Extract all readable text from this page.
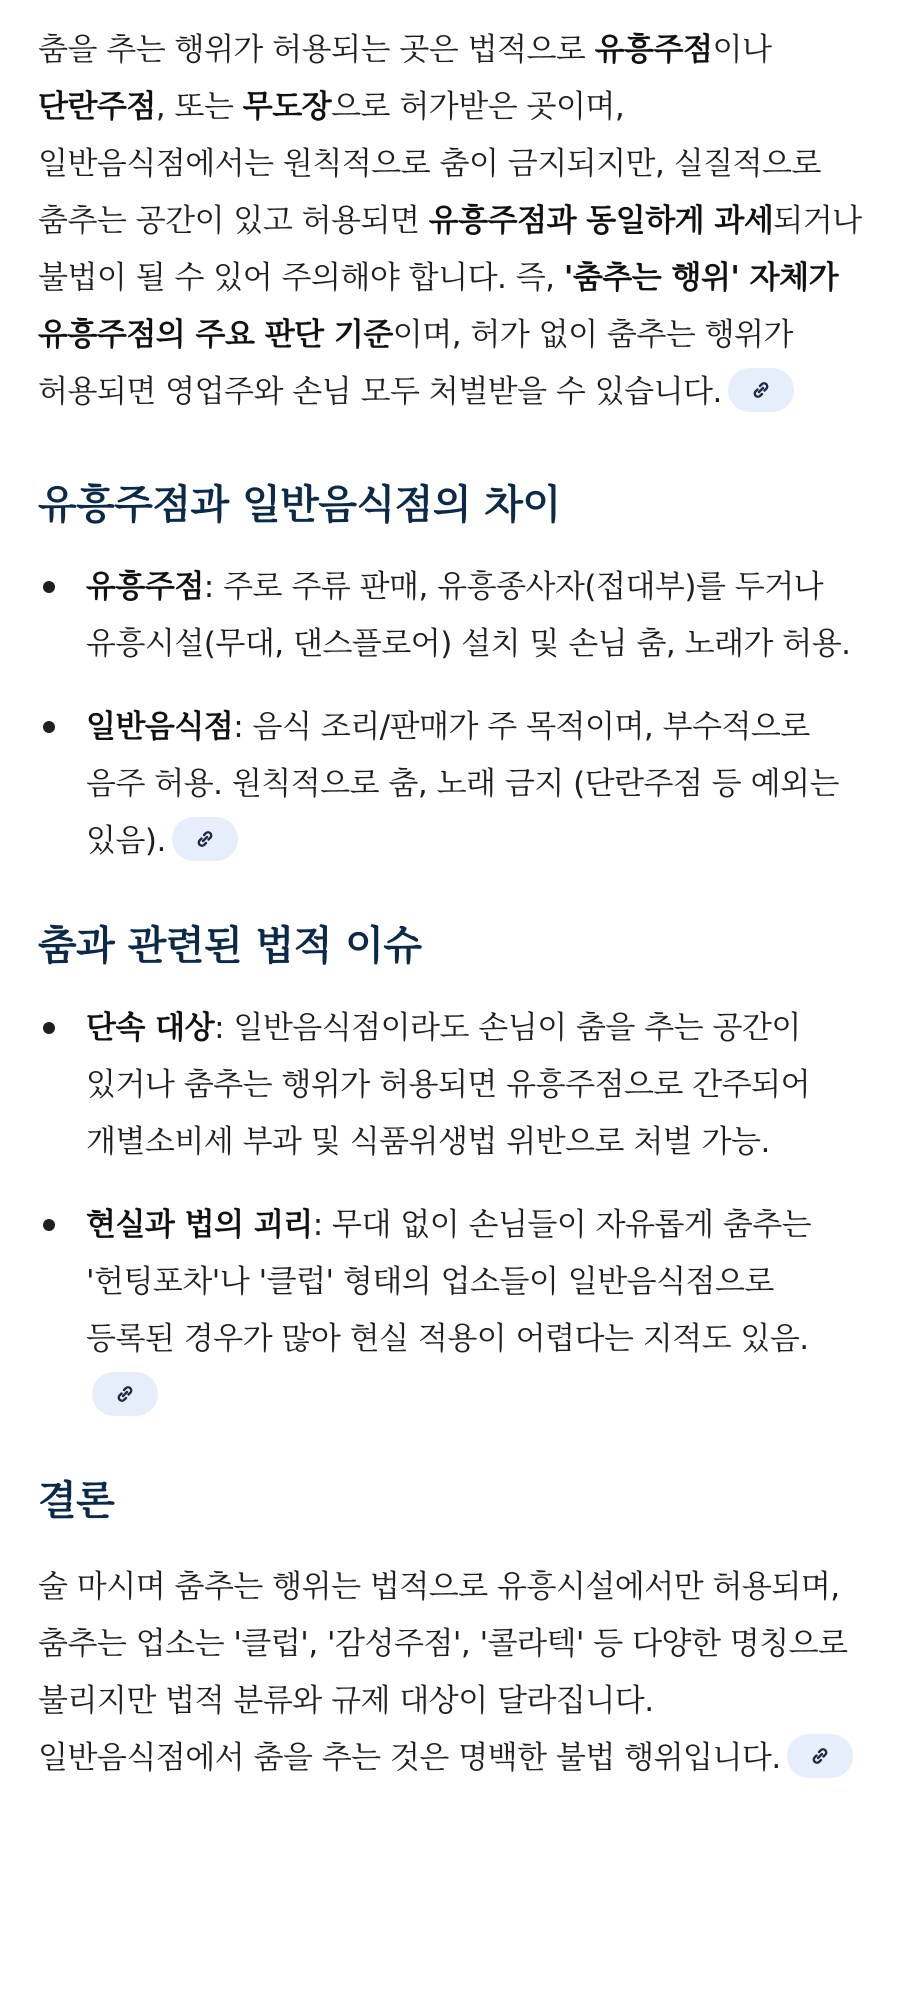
춤을 추는 행위가 허용되는 곳은 법적으로 유흥주점이나 단란주점, 또는 무도장으로 허가받은 곳이며, 일반음식점에서는 원칙적으로 춤이 금지되지만, 실질적으로 춤추는 공간이 있고 허용되면 유흥주점과 동일하게 과세되거나 불법이 될 수 있어 주의해야 합니다. 즉, '춤추는 행위' 자체가 유흥주점의 주요 판단 기준이며, 허가 없이 춤추는 행위가 허용되면 영업주와 손님 모두 처벌받을 수 있습니다.

유흥주점과 일반음식점의 차이
유흥주점: 주로 주류 판매, 유흥종사자(접대부)를 두거나 유흥시설(무대, 댄스플로어) 설치 및 손님 춤, 노래가 허용.
일반음식점: 음식 조리/판매가 주 목적이며, 부수적으로 음주 허용. 원칙적으로 춤, 노래 금지 (단란주점 등 예외는 있음).
춤과 관련된 법적 이슈
단속 대상: 일반음식점이라도 손님이 춤을 추는 공간이 있거나 춤추는 행위가 허용되면 유흥주점으로 간주되어 개별소비세 부과 및 식품위생법 위반으로 처벌 가능.
현실과 법의 괴리: 무대 없이 손님들이 자유롭게 춤추는 '헌팅포차'나 '클럽' 형태의 업소들이 일반음식점으로 등록된 경우가 많아 현실 적용이 어렵다는 지적도 있음.
결론

술 마시며 춤추는 행위는 법적으로 유흥시설에서만 허용되며, 춤추는 업소는 '클럽', '감성주점', '콜라텍' 등 다양한 명칭으로 불리지만 법적 분류와 규제 대상이 달라집니다. 일반음식점에서 춤을 추는 것은 명백한 불법 행위입니다.
